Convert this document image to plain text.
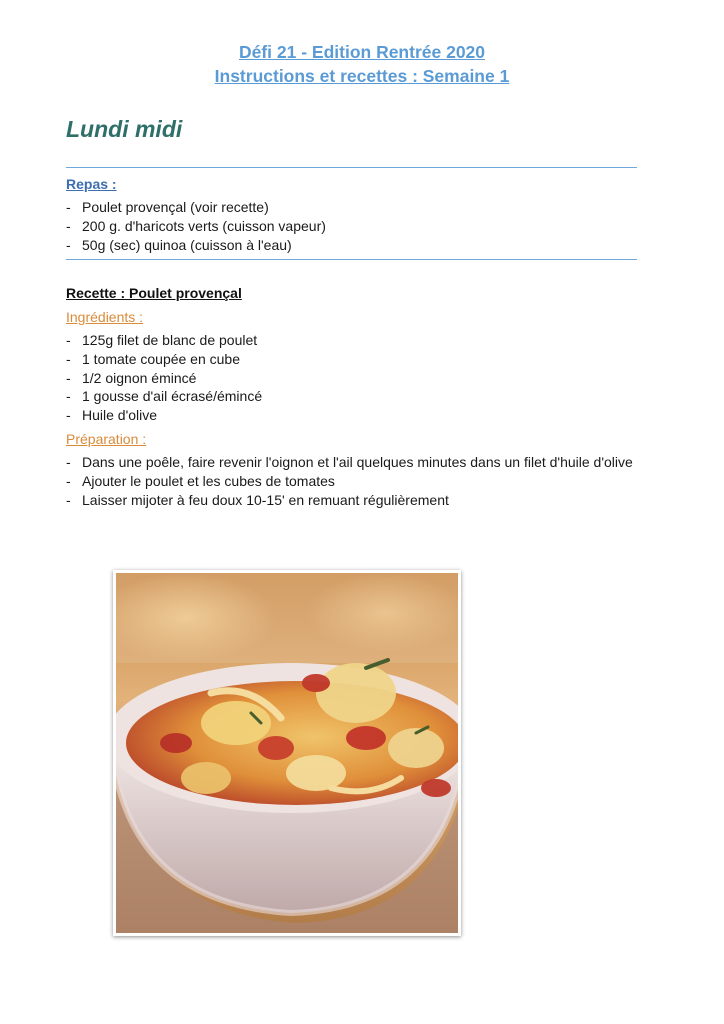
Défi 21 - Edition Rentrée 2020
Instructions et recettes : Semaine 1
Lundi midi
Repas :
- Poulet provençal (voir recette)
- 200 g. d'haricots verts (cuisson vapeur)
- 50g (sec) quinoa (cuisson à l'eau)
Recette : Poulet provençal
Ingrédients :
- 125g filet de blanc de poulet
- 1 tomate coupée en cube
- 1/2 oignon émincé
- 1 gousse d'ail écrasé/émincé
- Huile d'olive
Préparation :
- Dans une poêle, faire revenir l'oignon et l'ail quelques minutes dans un filet d'huile d'olive
- Ajouter le poulet et les cubes de tomates
- Laisser mijoter à feu doux 10-15' en remuant régulièrement
